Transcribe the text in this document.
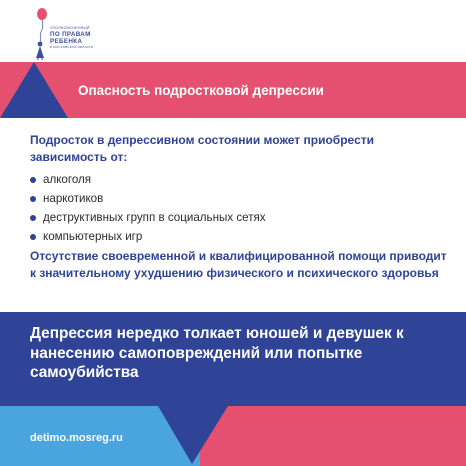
УПОЛНОМОЧЕННЫЙ
ПО ПРАВАМ
РЕБЕНКА
В МОСКОВСКОЙ ОБЛАСТИ
Опасность подростковой депрессии
Подросток в депрессивном состоянии может приобрести зависимость от:
алкоголя
наркотиков
деструктивных групп в социальных сетях
компьютерных игр
Отсутствие своевременной и квалифицированной помощи приводит к значительному ухудшению физического и психического здоровья
Депрессия нередко толкает юношей и девушек к нанесению самоповреждений или попытке самоубийства
detimo.mosreg.ru
